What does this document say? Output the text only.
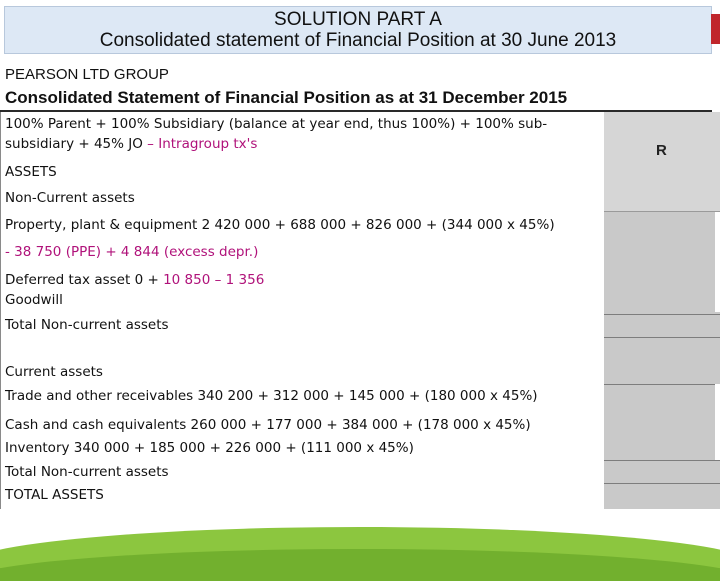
SOLUTION PART A
Consolidated statement of Financial Position at 30 June 2013
PEARSON LTD GROUP
Consolidated Statement of Financial Position as at 31 December 2015
100% Parent + 100% Subsidiary (balance at year end, thus 100%) + 100% sub-subsidiary + 45% JO – Intragroup tx's
ASSETS
Non-Current assets
Property, plant & equipment 2 420 000 + 688 000 + 826 000 + (344 000 x 45%)
- 38 750 (PPE) + 4 844 (excess depr.)
Deferred tax asset 0 + 10 850 – 1 356
Goodwill
Total Non-current assets
Current assets
Trade and other receivables 340 200 + 312 000 + 145 000 + (180 000 x 45%)
Cash and cash equivalents 260 000 + 177 000 + 384 000 + (178 000 x 45%)
Inventory 340 000 + 185 000 + 226 000 + (111 000 x 45%)
Total Non-current assets
TOTAL ASSETS
R
